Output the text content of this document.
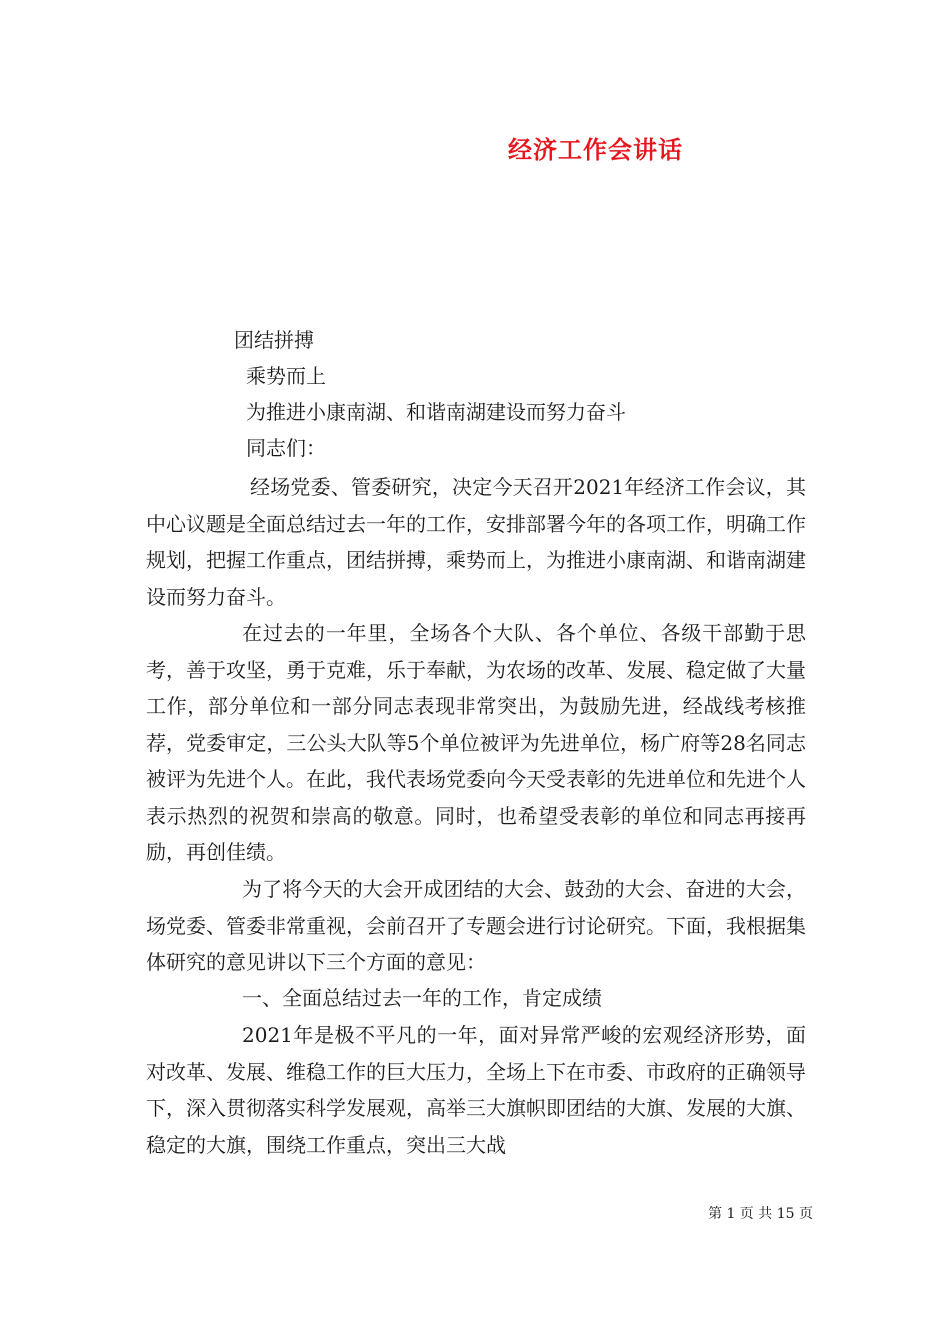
经济工作会讲话
团结拼搏
乘势而上
为推进小康南湖、和谐南湖建设而努力奋斗
同志们：

经场党委、管委研究，决定今天召开2021年经济工作会议，其中心议题是全面总结过去一年的工作，安排部署今年的各项工作，明确工作规划，把握工作重点，团结拼搏，乘势而上，为推进小康南湖、和谐南湖建设而努力奋斗。

在过去的一年里，全场各个大队、各个单位、各级干部勤于思考，善于攻坚，勇于克难，乐于奉献，为农场的改革、发展、稳定做了大量工作，部分单位和一部分同志表现非常突出，为鼓励先进，经战线考核推荐，党委审定，三公头大队等5个单位被评为先进单位，杨广府等28名同志被评为先进个人。在此，我代表场党委向今天受表彰的先进单位和先进个人表示热烈的祝贺和崇高的敬意。同时，也希望受表彰的单位和同志再接再励，再创佳绩。

为了将今天的大会开成团结的大会、鼓劲的大会、奋进的大会，场党委、管委非常重视，会前召开了专题会进行讨论研究。下面，我根据集体研究的意见讲以下三个方面的意见：

一、全面总结过去一年的工作，肯定成绩

2021年是极不平凡的一年，面对异常严峻的宏观经济形势，面对改革、发展、维稳工作的巨大压力，全场上下在市委、市政府的正确领导下，深入贯彻落实科学发展观，高举三大旗帜即团结的大旗、发展的大旗、稳定的大旗，围绕工作重点，突出三大战

第 1 页 共 15 页
